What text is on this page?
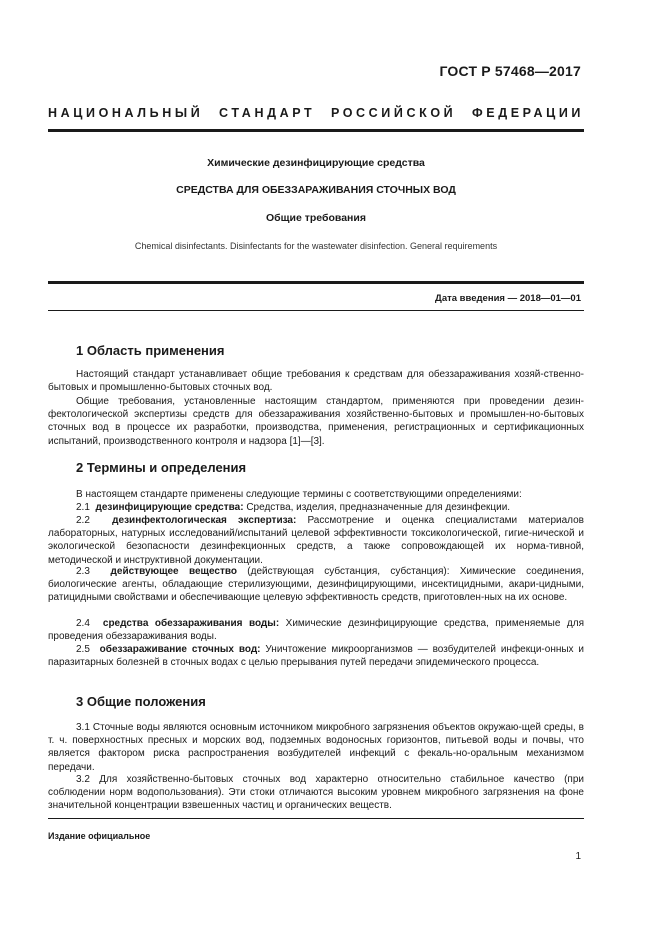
ГОСТ Р 57468—2017
НАЦИОНАЛЬНЫЙ СТАНДАРТ РОССИЙСКОЙ ФЕДЕРАЦИИ
Химические дезинфицирующие средства
СРЕДСТВА ДЛЯ ОБЕЗЗАРАЖИВАНИЯ СТОЧНЫХ ВОД
Общие требования
Chemical disinfectants. Disinfectants for the wastewater disinfection. General requirements
Дата введения — 2018—01—01
1 Область применения

Настоящий стандарт устанавливает общие требования к средствам для обеззараживания хозяй-ственно-бытовых и промышленно-бытовых сточных вод.

Общие требования, установленные настоящим стандартом, применяются при проведении дезин-фектологической экспертизы средств для обеззараживания хозяйственно-бытовых и промышлен-но-бытовых сточных вод в процессе их разработки, производства, применения, регистрационных и сертификационных испытаний, производственного контроля и надзора [1]—[3].

2 Термины и определения

В настоящем стандарте применены следующие термины с соответствующими определениями:

2.1 дезинфицирующие средства: Средства, изделия, предназначенные для дезинфекции.

2.2 дезинфектологическая экспертиза: Рассмотрение и оценка специалистами материалов лабораторных, натурных исследований/испытаний целевой эффективности токсикологической, гигие-нической и экологической безопасности дезинфекционных средств, а также сопровождающей их норма-тивной, методической и инструктивной документации.

2.3 действующее вещество (действующая субстанция, субстанция): Химические соединения, биологические агенты, обладающие стерилизующими, дезинфицирующими, инсектицидными, акари-цидными, ратицидными свойствами и обеспечивающие целевую эффективность средств, приготовлен-ных на их основе.

2.4 средства обеззараживания воды: Химические дезинфицирующие средства, применяемые для проведения обеззараживания воды.

2.5 обеззараживание сточных вод: Уничтожение микроорганизмов — возбудителей инфекци-онных и паразитарных болезней в сточных водах с целью прерывания путей передачи эпидемического процесса.

3 Общие положения

3.1 Сточные воды являются основным источником микробного загрязнения объектов окружаю-щей среды, в т. ч. поверхностных пресных и морских вод, подземных водоносных горизонтов, питьевой воды и почвы, что является фактором риска распространения возбудителей инфекций с фекаль-но-оральным механизмом передачи.

3.2 Для хозяйственно-бытовых сточных вод характерно относительно стабильное качество (при соблюдении норм водопользования). Эти стоки отличаются высоким уровнем микробного загрязнения на фоне значительной концентрации взвешенных частиц и органических веществ.

Издание официальное
1
